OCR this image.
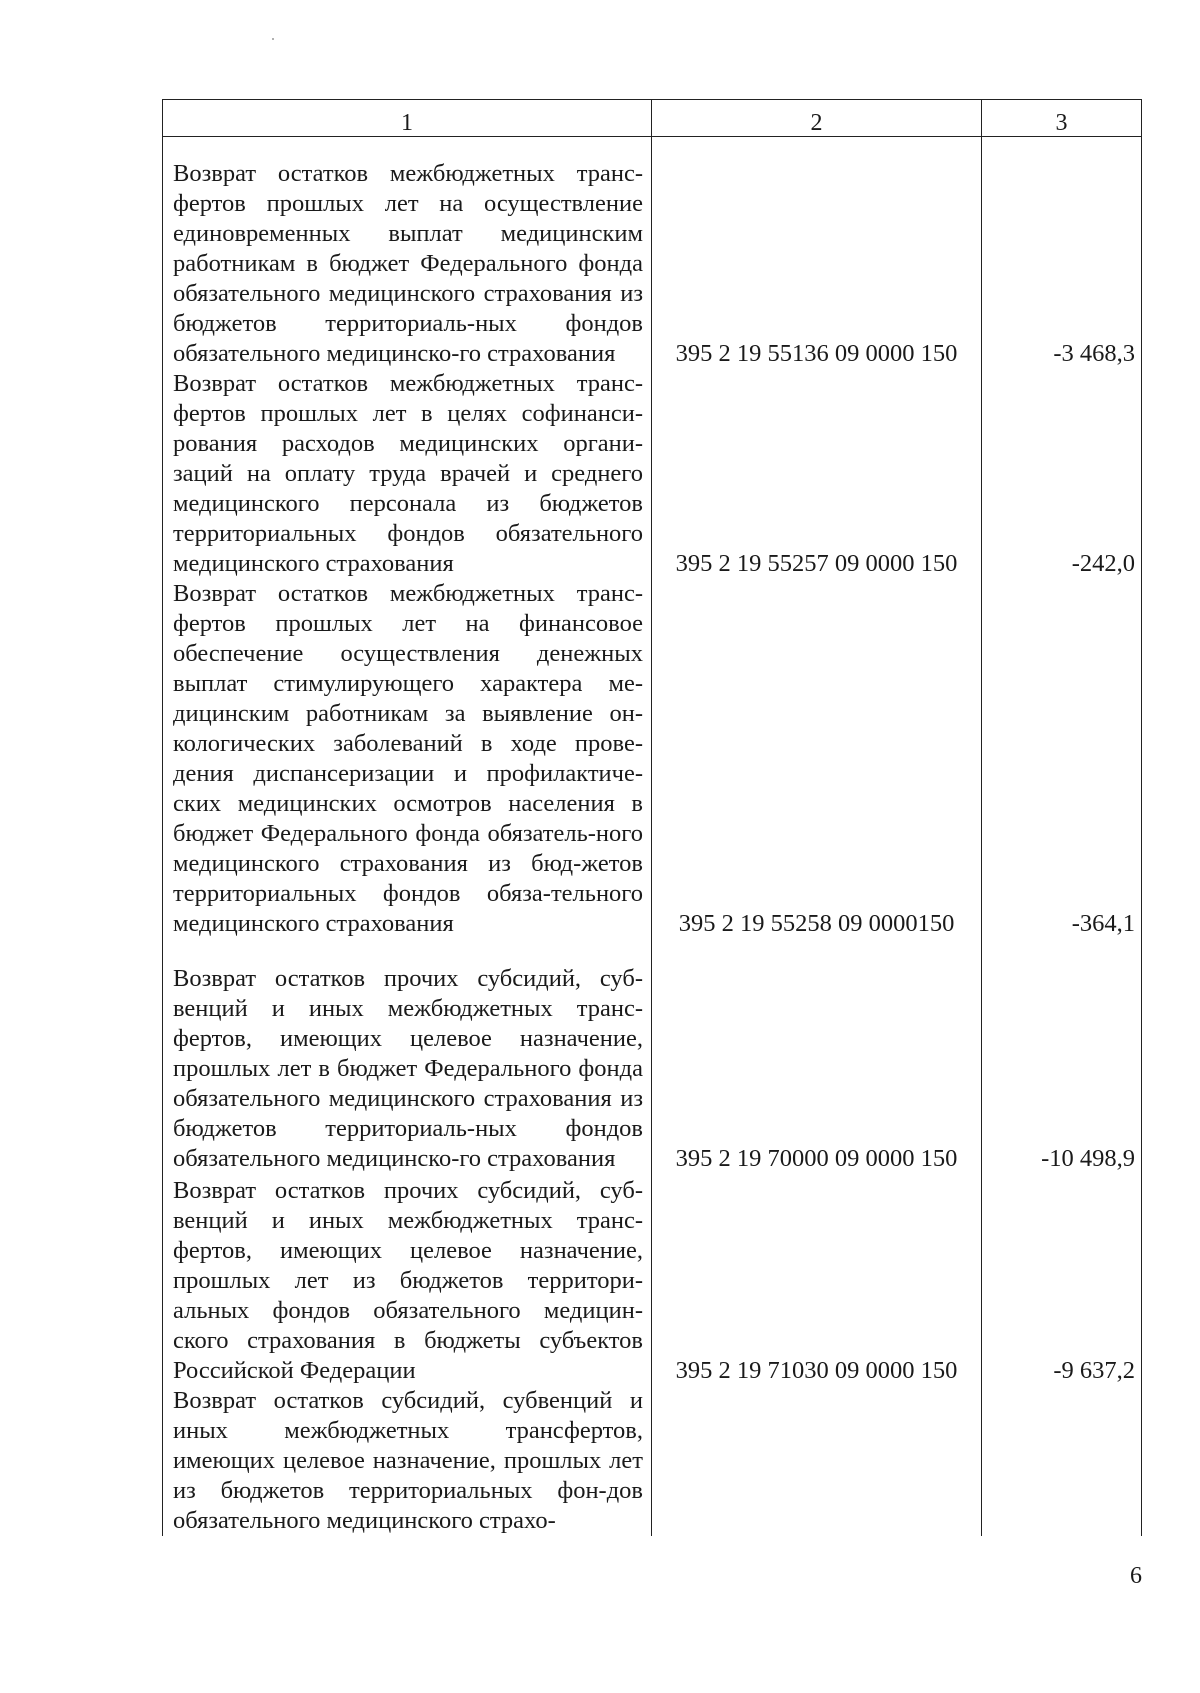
1	2	3
Возврат остатков межбюджетных транс-фертов прошлых лет на осуществление единовременных выплат медицинским работникам в бюджет Федерального фонда обязательного медицинского страхования из бюджетов территориаль-ных фондов обязательного медицинско-го страхования	395 2 19 55136 09 0000 150	-3 468,3
Возврат остатков межбюджетных транс-фертов прошлых лет в целях софинанси-рования расходов медицинских органи-заций на оплату труда врачей и среднего медицинского персонала из бюджетов территориальных фондов обязательного медицинского страхования	395 2 19 55257 09 0000 150	-242,0
Возврат остатков межбюджетных транс-фертов прошлых лет на финансовое обеспечение осуществления денежных выплат стимулирующего характера ме-дицинским работникам за выявление он-кологических заболеваний в ходе прове-дения диспансеризации и профилактиче-ских медицинских осмотров населения в бюджет Федерального фонда обязатель-ного медицинского страхования из бюд-жетов территориальных фондов обяза-тельного медицинского страхования	395 2 19 55258 09 0000150	-364,1
Возврат остатков прочих субсидий, суб-венций и иных межбюджетных транс-фертов, имеющих целевое назначение, прошлых лет в бюджет Федерального фонда обязательного медицинского страхования из бюджетов территориаль-ных фондов обязательного медицинско-го страхования	395 2 19 70000 09 0000 150	-10 498,9
Возврат остатков прочих субсидий, суб-венций и иных межбюджетных транс-фертов, имеющих целевое назначение, прошлых лет из бюджетов территори-альных фондов обязательного медицин-ского страхования в бюджеты субъектов Российской Федерации	395 2 19 71030 09 0000 150	-9 637,2
Возврат остатков субсидий, субвенций и иных межбюджетных трансфертов, имеющих целевое назначение, прошлых лет из бюджетов территориальных фон-дов обязательного медицинского страхо-		
6
